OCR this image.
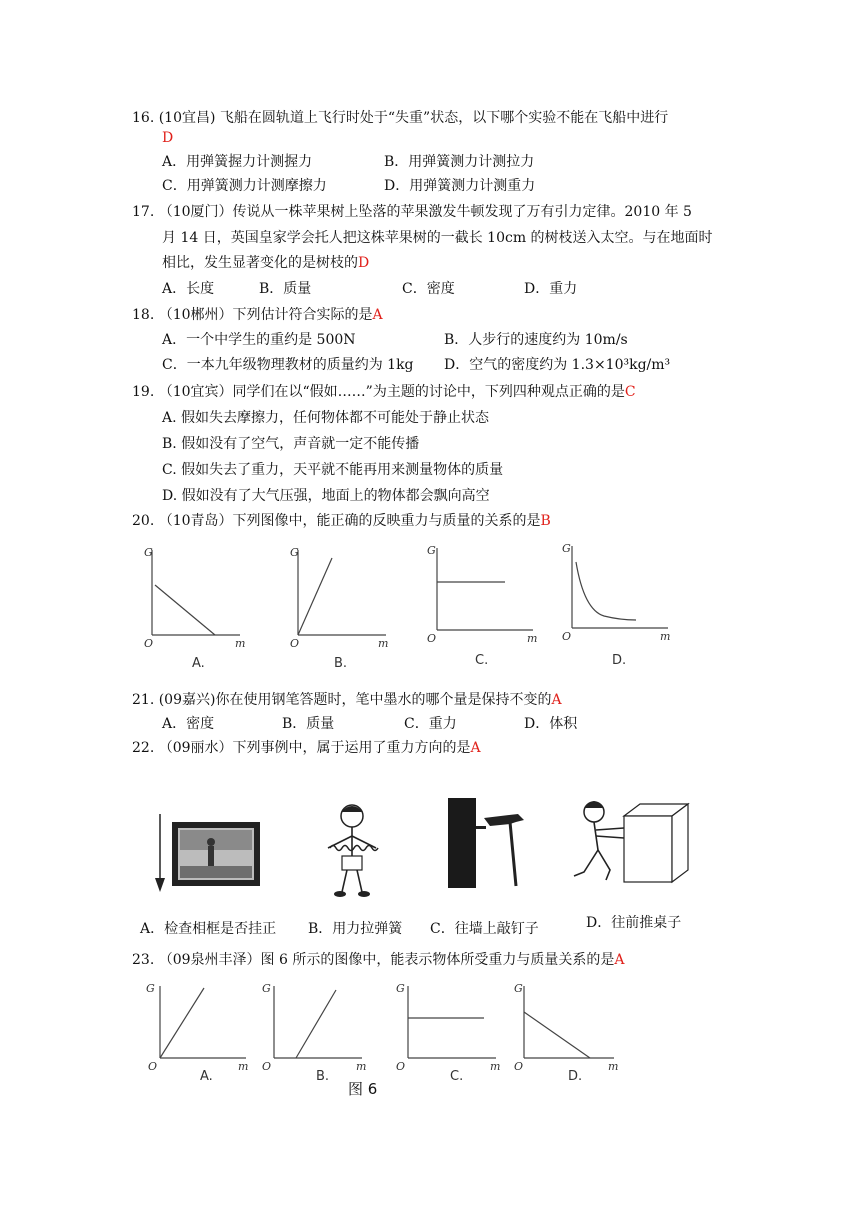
16. (10宜昌) 飞船在圆轨道上飞行时处于“失重”状态，以下哪个实验不能在飞船中进行
D
A．用弹簧握力计测握力	B．用弹簧测力计测拉力
C．用弹簧测力计测摩擦力	D．用弹簧测力计测重力
17. （10厦门）传说从一株苹果树上坠落的苹果激发牛顿发现了万有引力定律。2010 年 5
月 14 日，英国皇家学会托人把这株苹果树的一截长 10cm 的树枝送入太空。与在地面时
相比，发生显著变化的是树枝的D
A．长度	B．质量	C．密度	D．重力
18. （10郴州）下列估计符合实际的是A
A．一个中学生的重约是 500N	B．人步行的速度约为 10m/s
C．一本九年级物理教材的质量约为 1kg D．空气的密度约为 1.3×10³kg/m³
19. （10宜宾）同学们在以“假如……”为主题的讨论中，下列四种观点正确的是C
A. 假如失去摩擦力，任何物体都不可能处于静止状态
B. 假如没有了空气，声音就一定不能传播
C. 假如失去了重力，天平就不能再用来测量物体的质量
D. 假如没有了大气压强，地面上的物体都会飘向高空
20. （10青岛）下列图像中，能正确的反映重力与质量的关系的是B
G
O	m
A.
G
O	m
B.
G
O	m
C.
G
O	m
D.
21. (09嘉兴)你在使用钢笔答题时，笔中墨水的哪个量是保持不变的A
A．密度	B．质量	C．重力	D．体积
22. （09丽水）下列事例中，属于运用了重力方向的是A
A．检查相框是否挂正 B．用力拉弹簧 C．往墙上敲钉子	D．往前推桌子
23. （09泉州丰泽）图 6 所示的图像中，能表示物体所受重力与质量关系的是A
G
O	m
A.
G
O	m
B.
G
O	m
C.
G
O	m
D.
图 6
